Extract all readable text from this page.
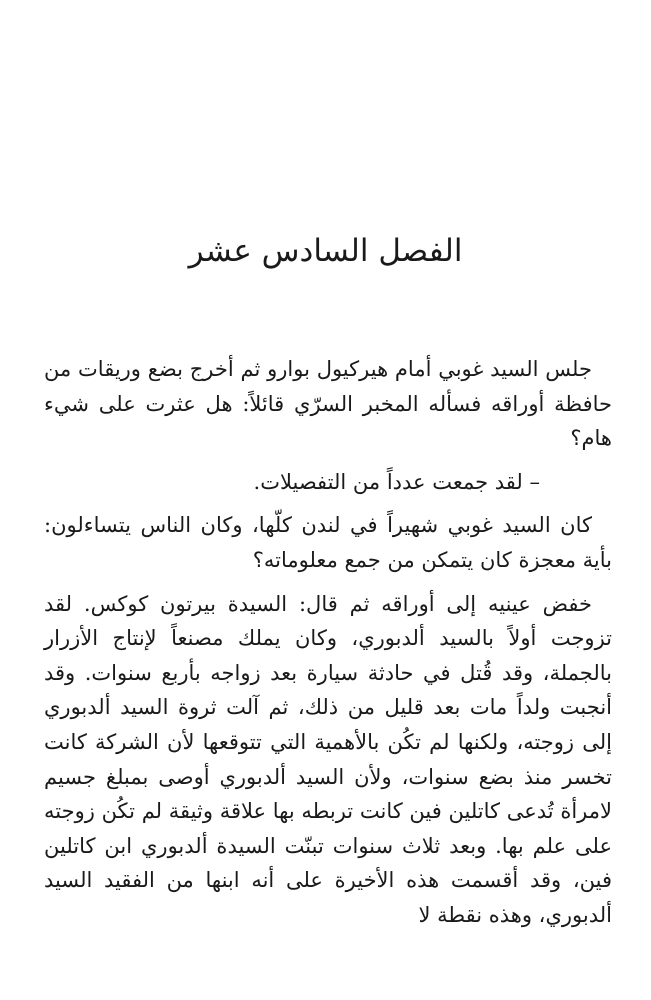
الفصل السادس عشر

جلس السيد غوبي أمام هيركيول بوارو ثم أخرج بضع وريقات من حافظة أوراقه فسأله المخبر السرّي قائلاً: هل عثرت على شيء هام؟

– لقد جمعت عدداً من التفصيلات.

كان السيد غوبي شهيراً في لندن كلّها، وكان الناس يتساءلون: بأية معجزة كان يتمكن من جمع معلوماته؟

خفض عينيه إلى أوراقه ثم قال: السيدة بيرتون كوكس. لقد تزوجت أولاً بالسيد ألدبوري، وكان يملك مصنعاً لإنتاج الأزرار بالجملة، وقد قُتل في حادثة سيارة بعد زواجه بأربع سنوات. وقد أنجبت ولداً مات بعد قليل من ذلك، ثم آلت ثروة السيد ألدبوري إلى زوجته، ولكنها لم تكُن بالأهمية التي تتوقعها لأن الشركة كانت تخسر منذ بضع سنوات، ولأن السيد ألدبوري أوصى بمبلغ جسيم لامرأة تُدعى كاتلين فين كانت تربطه بها علاقة وثيقة لم تكُن زوجته على علم بها. وبعد ثلاث سنوات تبنّت السيدة ألدبوري ابن كاتلين فين، وقد أقسمت هذه الأخيرة على أنه ابنها من الفقيد السيد ألدبوري، وهذه نقطة لا
